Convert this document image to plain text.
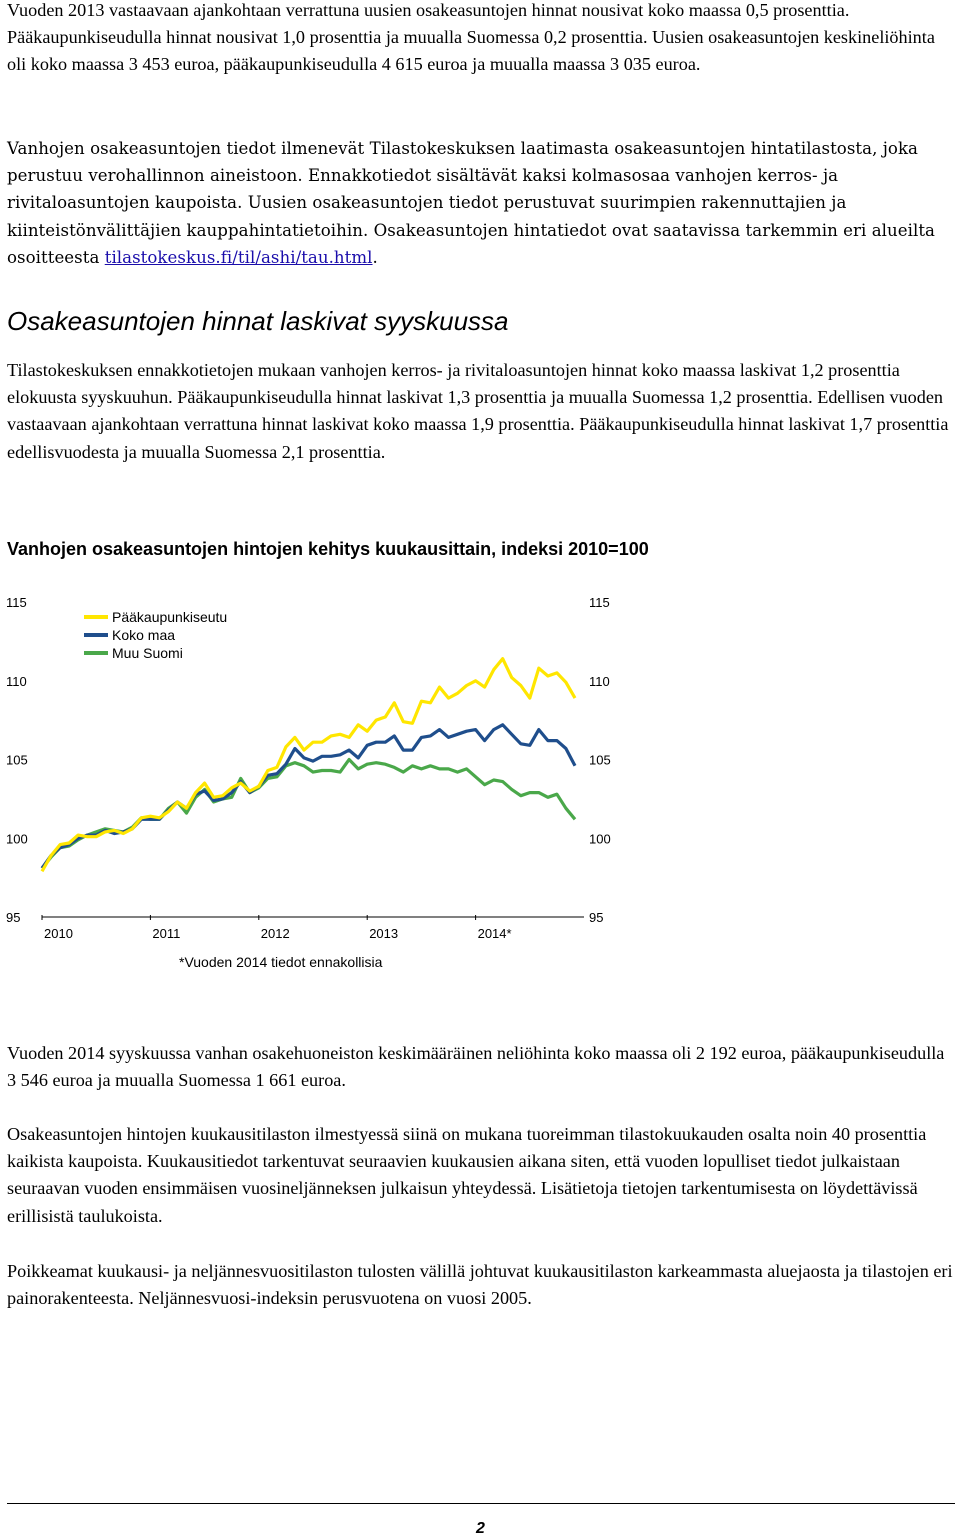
Vuoden 2013 vastaavaan ajankohtaan verrattuna uusien osakeasuntojen hinnat nousivat koko maassa 0,5 prosenttia. Pääkaupunkiseudulla hinnat nousivat 1,0 prosenttia ja muualla Suomessa 0,2 prosenttia. Uusien osakeasuntojen keskineliöhinta oli koko maassa 3 453 euroa, pääkaupunkiseudulla 4 615 euroa ja muualla maassa 3 035 euroa.

Vanhojen osakeasuntojen tiedot ilmenevät Tilastokeskuksen laatimasta osakeasuntojen hintatilastosta, joka perustuu verohallinnon aineistoon. Ennakkotiedot sisältävät kaksi kolmasosaa vanhojen kerros- ja rivitaloasuntojen kaupoista. Uusien osakeasuntojen tiedot perustuvat suurimpien rakennuttajien ja kiinteistönvälittäjien kauppahintatietoihin. Osakeasuntojen hintatiedot ovat saatavissa tarkemmin eri alueilta osoitteesta tilastokeskus.fi/til/ashi/tau.html.

Osakeasuntojen hinnat laskivat syyskuussa

Tilastokeskuksen ennakkotietojen mukaan vanhojen kerros- ja rivitaloasuntojen hinnat koko maassa laskivat 1,2 prosenttia elokuusta syyskuuhun. Pääkaupunkiseudulla hinnat laskivat 1,3 prosenttia ja muualla Suomessa 1,2 prosenttia. Edellisen vuoden vastaavaan ajankohtaan verrattuna hinnat laskivat koko maassa 1,9 prosenttia. Pääkaupunkiseudulla hinnat laskivat 1,7 prosenttia edellisvuodesta ja muualla Suomessa 2,1 prosenttia.

Vanhojen osakeasuntojen hintojen kehitys kuukausittain, indeksi 2010=100
95
100
105
110
115
95
100
105
110
115
2010	2011	2012	2013	2014*
Pääkaupunkiseutu
Koko maa
Muu Suomi
*Vuoden 2014 tiedot ennakollisia

Vuoden 2014 syyskuussa vanhan osakehuoneiston keskimääräinen neliöhinta koko maassa oli 2 192 euroa, pääkaupunkiseudulla 3 546 euroa ja muualla Suomessa 1 661 euroa.

Osakeasuntojen hintojen kuukausitilaston ilmestyessä siinä on mukana tuoreimman tilastokuukauden osalta noin 40 prosenttia kaikista kaupoista. Kuukausitiedot tarkentuvat seuraavien kuukausien aikana siten, että vuoden lopulliset tiedot julkaistaan seuraavan vuoden ensimmäisen vuosineljänneksen julkaisun yhteydessä. Lisätietoja tietojen tarkentumisesta on löydettävissä erillisistä taulukoista.

Poikkeamat kuukausi- ja neljännesvuositilaston tulosten välillä johtuvat kuukausitilaston karkeammasta aluejaosta ja tilastojen eri painorakenteesta. Neljännesvuosi-indeksin perusvuotena on vuosi 2005.

2
